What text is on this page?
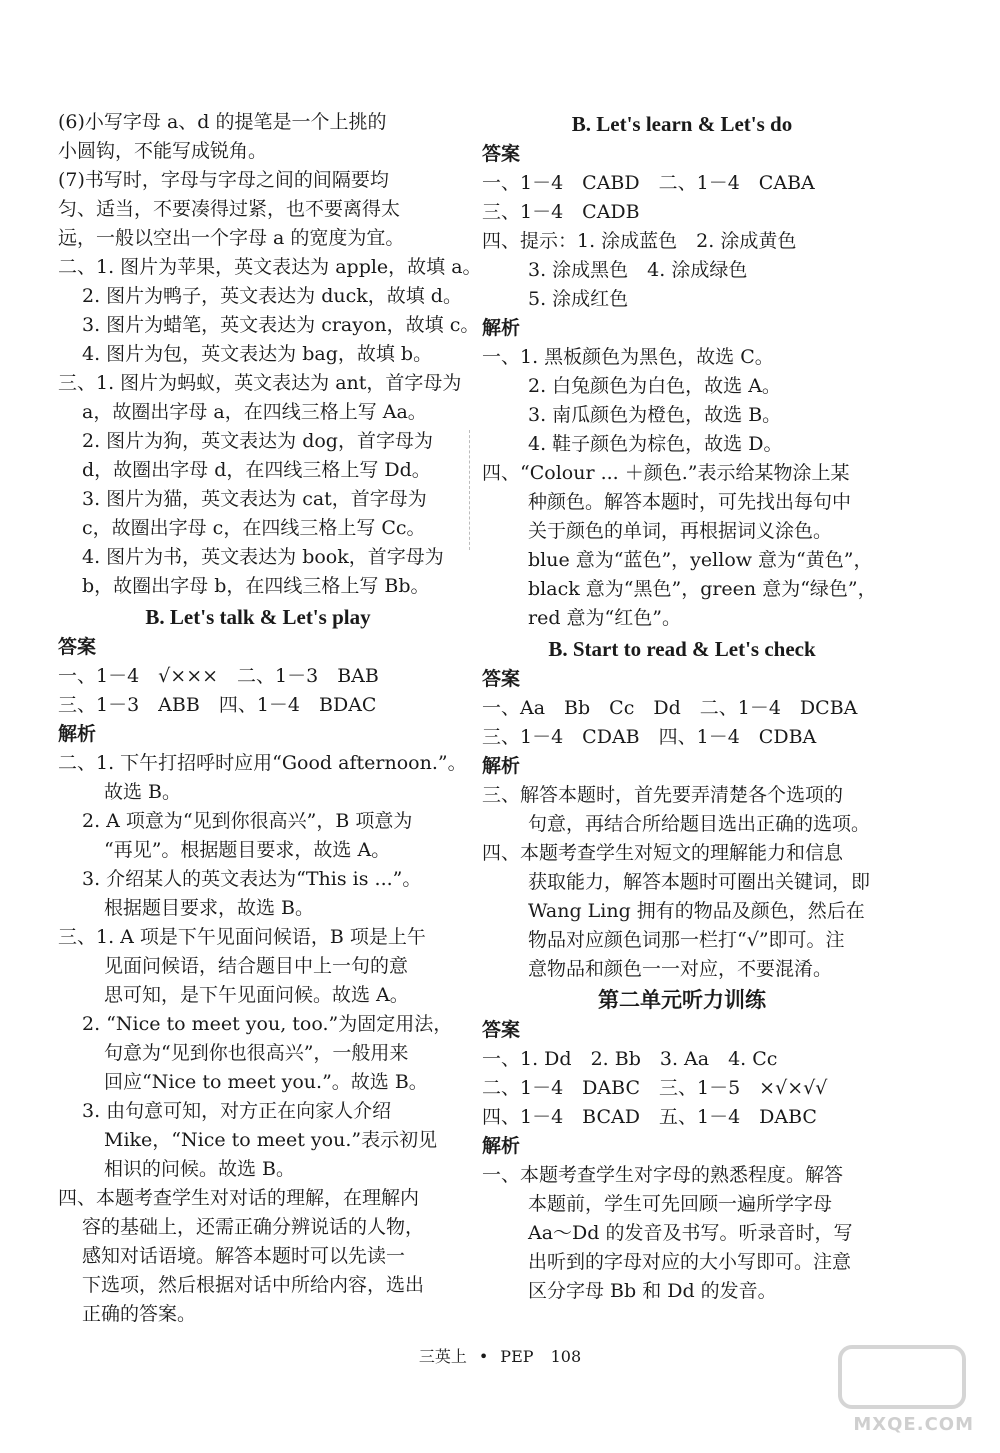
(6)小写字母 a、d 的提笔是一个上挑的
小圆钩，不能写成锐角。
(7)书写时，字母与字母之间的间隔要均
匀、适当，不要凑得过紧，也不要离得太
远，一般以空出一个字母 a 的宽度为宜。
二、1. 图片为苹果，英文表达为 apple，故填 a。
2. 图片为鸭子，英文表达为 duck，故填 d。
3. 图片为蜡笔，英文表达为 crayon，故填 c。
4. 图片为包，英文表达为 bag，故填 b。
三、1. 图片为蚂蚁，英文表达为 ant，首字母为
a，故圈出字母 a，在四线三格上写 Aa。
2. 图片为狗，英文表达为 dog，首字母为
d，故圈出字母 d，在四线三格上写 Dd。
3. 图片为猫，英文表达为 cat，首字母为
c，故圈出字母 c，在四线三格上写 Cc。
4. 图片为书，英文表达为 book，首字母为
b，故圈出字母 b，在四线三格上写 Bb。
B. Let's talk & Let's play
答案
一、1－4　√×××　二、1－3　BAB
三、1－3　ABB　四、1－4　BDAC
解析
二、1. 下午打招呼时应用“Good afternoon.”。
故选 B。
2. A 项意为“见到你很高兴”，B 项意为
“再见”。根据题目要求，故选 A。
3. 介绍某人的英文表达为“This is ...”。
根据题目要求，故选 B。
三、1. A 项是下午见面问候语，B 项是上午
见面问候语，结合题目中上一句的意
思可知，是下午见面问候。故选 A。
2. “Nice to meet you, too.”为固定用法，
句意为“见到你也很高兴”，一般用来
回应“Nice to meet you.”。故选 B。
3. 由句意可知，对方正在向家人介绍
Mike，“Nice to meet you.”表示初见
相识的问候。故选 B。
四、本题考查学生对对话的理解，在理解内
容的基础上，还需正确分辨说话的人物，
感知对话语境。解答本题时可以先读一
下选项，然后根据对话中所给内容，选出
正确的答案。
B. Let's learn & Let's do
答案
一、1－4　CABD　二、1－4　CABA
三、1－4　CADB
四、提示：1. 涂成蓝色　2. 涂成黄色
3. 涂成黑色　4. 涂成绿色
5. 涂成红色
解析
一、1. 黑板颜色为黑色，故选 C。
2. 白兔颜色为白色，故选 A。
3. 南瓜颜色为橙色，故选 B。
4. 鞋子颜色为棕色，故选 D。
四、“Colour ... ＋颜色.”表示给某物涂上某
种颜色。解答本题时，可先找出每句中
关于颜色的单词，再根据词义涂色。
blue 意为“蓝色”，yellow 意为“黄色”，
black 意为“黑色”，green 意为“绿色”，
red 意为“红色”。
B. Start to read & Let's check
答案
一、Aa　Bb　Cc　Dd　二、1－4　DCBA
三、1－4　CDAB　四、1－4　CDBA
解析
三、解答本题时，首先要弄清楚各个选项的
句意，再结合所给题目选出正确的选项。
四、本题考查学生对短文的理解能力和信息
获取能力，解答本题时可圈出关键词，即
Wang Ling 拥有的物品及颜色，然后在
物品对应颜色词那一栏打“√”即可。注
意物品和颜色一一对应，不要混淆。
第二单元听力训练
答案
一、1. Dd　2. Bb　3. Aa　4. Cc
二、1－4　DABC　三、1－5　×√×√√
四、1－4　BCAD　五、1－4　DABC
解析
一、本题考查学生对字母的熟悉程度。解答
本题前，学生可先回顾一遍所学字母
Aa～Dd 的发音及书写。听录音时，写
出听到的字母对应的大小写即可。注意
区分字母 Bb 和 Dd 的发音。
三英上 • PEP 108
MXQE.COM
